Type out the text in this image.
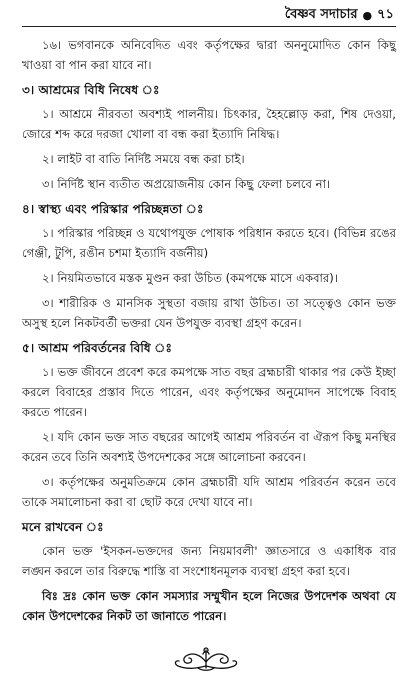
বৈষ্ণব সদাচার ● ৭১

১৬। ভগবানকে অনিবেদিত এবং কর্তৃপক্ষের দ্বারা অননুমোদিত কোন কিছু খাওয়া বা পান করা যাবে না।

৩। আশ্রমের বিধি নিষেধ ঃ

১। আশ্রমে নীরবতা অবশ্যই পালনীয়। চিৎকার, হৈহল্লোড় করা, শিষ দেওয়া, জোরে শব্দ করে দরজা খোলা বা বন্ধ করা ইত্যাদি নিষিদ্ধ।

২। লাইট বা বাতি নির্দিষ্ট সময়ে বন্ধ করা চাই।

৩। নির্দিষ্ট স্থান ব্যতীত অপ্রয়োজনীয় কোন কিছু ফেলা চলবে না।

৪। স্বাস্থ্য এবং পরিস্কার পরিচ্ছন্নতা ঃ

১। পরিস্কার পরিচ্ছন্ন ও যথোপযুক্ত পোষাক পরিধান করতে হবে। (বিভিন্ন রঙের গেঞ্জী, টুপি, রঙীন চশমা ইত্যাদি বর্জনীয়)

২। নিয়মিতভাবে মস্তক মুণ্ডন করা উচিত (কমপক্ষে মাসে একবার)।

৩। শারীরিক ও মানসিক সুস্থতা বজায় রাখা উচিত। তা সত্ত্বেও কোন ভক্ত অসুস্থ হলে নিকটবর্তী ভক্তরা যেন উপযুক্ত ব্যবস্থা গ্রহণ করেন।

৫। আশ্রম পরিবর্তনের বিধি ঃ

১। ভক্ত জীবনে প্রবেশ করে কমপক্ষে সাত বছর ব্রহ্মচারী থাকার পর কেউ ইচ্ছা করলে বিবাহের প্রস্তাব দিতে পারেন, এবং কর্তৃপক্ষের অনুমোদন সাপেক্ষে বিবাহ করতে পারেন।

২। যদি কোন ভক্ত সাত বছরের আগেই আশ্রম পরিবর্তন বা ঐরূপ কিছু মনস্থির করেন তবে তিনি অবশ্যই উপদেশকের সঙ্গে আলোচনা করবেন।

৩। কর্তৃপক্ষের অনুমতিক্রমে কোন ব্রহ্মচারী যদি আশ্রম পরিবর্তন করেন তবে তাকে সমালোচনা করা বা ছোট করে দেখা যাবে না।

মনে রাখবেন ঃ

কোন ভক্ত 'ইসকন-ভক্তদের জন্য নিয়মাবলী' জ্ঞাতসারে ও একাধিক বার লঙ্ঘন করলে তার বিরুদ্ধে শাস্তি বা সংশোধনমূলক ব্যবস্থা গ্রহণ করা হবে।

বিঃ দ্রঃ কোন ভক্ত কোন সমস্যার সম্মুখীন হলে নিজের উপদেশক অথবা যে কোন উপদেশকের নিকট তা জানাতে পারেন।
